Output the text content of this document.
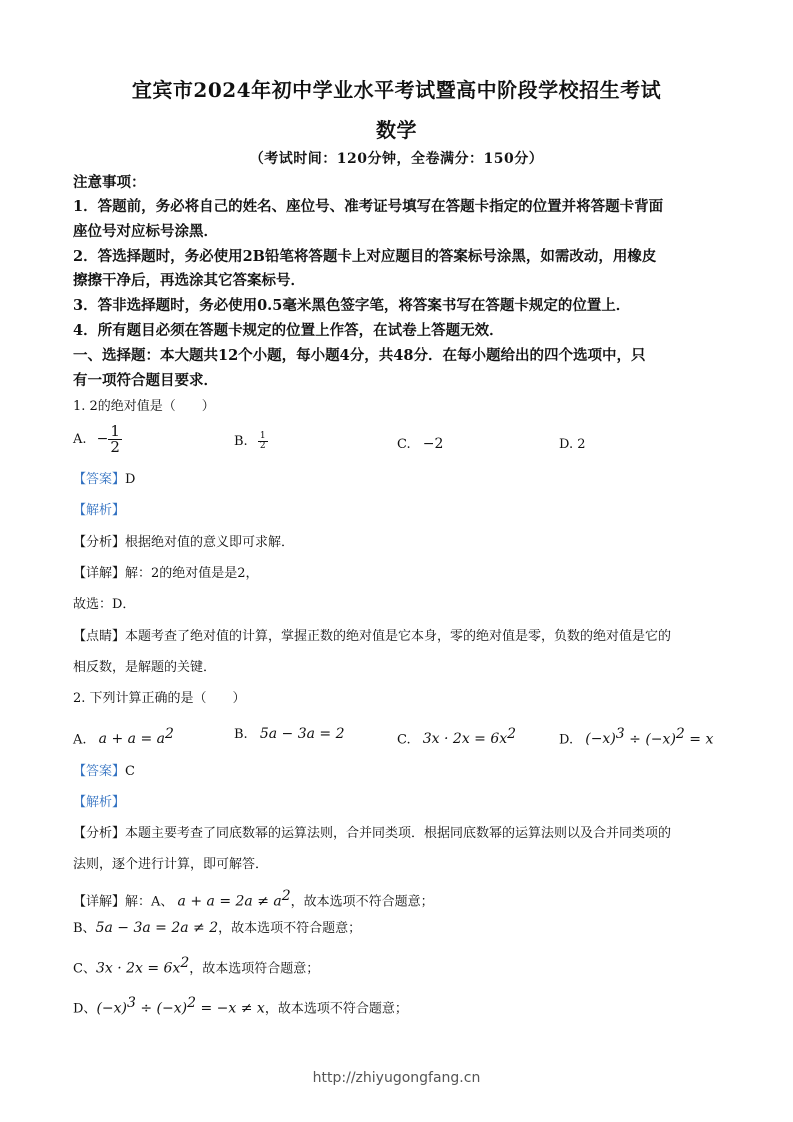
宜宾市2024年初中学业水平考试暨高中阶段学校招生考试
数学
（考试时间：120分钟，全卷满分：150分）
注意事项：
1．答题前，务必将自己的姓名、座位号、准考证号填写在答题卡指定的位置并将答题卡背面
座位号对应标号涂黑．
2．答选择题时，务必使用2B铅笔将答题卡上对应题目的答案标号涂黑，如需改动，用橡皮
擦擦干净后，再选涂其它答案标号．
3．答非选择题时，务必使用0.5毫米黑色签字笔，将答案书写在答题卡规定的位置上．
4．所有题目必须在答题卡规定的位置上作答，在试卷上答题无效．
一、选择题：本大题共12个小题，每小题4分，共48分．在每小题给出的四个选项中，只
有一项符合题目要求．
1. 2的绝对值是（　　）
A. − $\frac{1}{2}$	B. $\frac{1}{2}$	C. −2	D. 2
【答案】D
【解析】
【分析】根据绝对值的意义即可求解．
【详解】解：2的绝对值是是2，
故选：D．
【点睛】本题考查了绝对值的计算，掌握正数的绝对值是它本身，零的绝对值是零，负数的绝对值是它的
相反数，是解题的关键．
2. 下列计算正确的是（　　）
A. $a + a = a^2$	B. 5a − 3a = 2	C. $3x \cdot 2x = 6x^2$	D. $(-x)^3 \div (-x)^2 = x$
【答案】C
【解析】
【分析】本题主要考查了同底数幂的运算法则，合并同类项．根据同底数幂的运算法则以及合并同类项的
法则，逐个进行计算，即可解答．
【详解】解：A、 $a + a = 2a \ne a^2$，故本选项不符合题意；
B、5a − 3a = 2a ≠ 2，故本选项不符合题意；
C、$3x \cdot 2x = 6x^2$，故本选项符合题意；
D、$(-x)^3 \div (-x)^2 = -x \ne x$，故本选项不符合题意；
http://zhiyugongfang.cn
